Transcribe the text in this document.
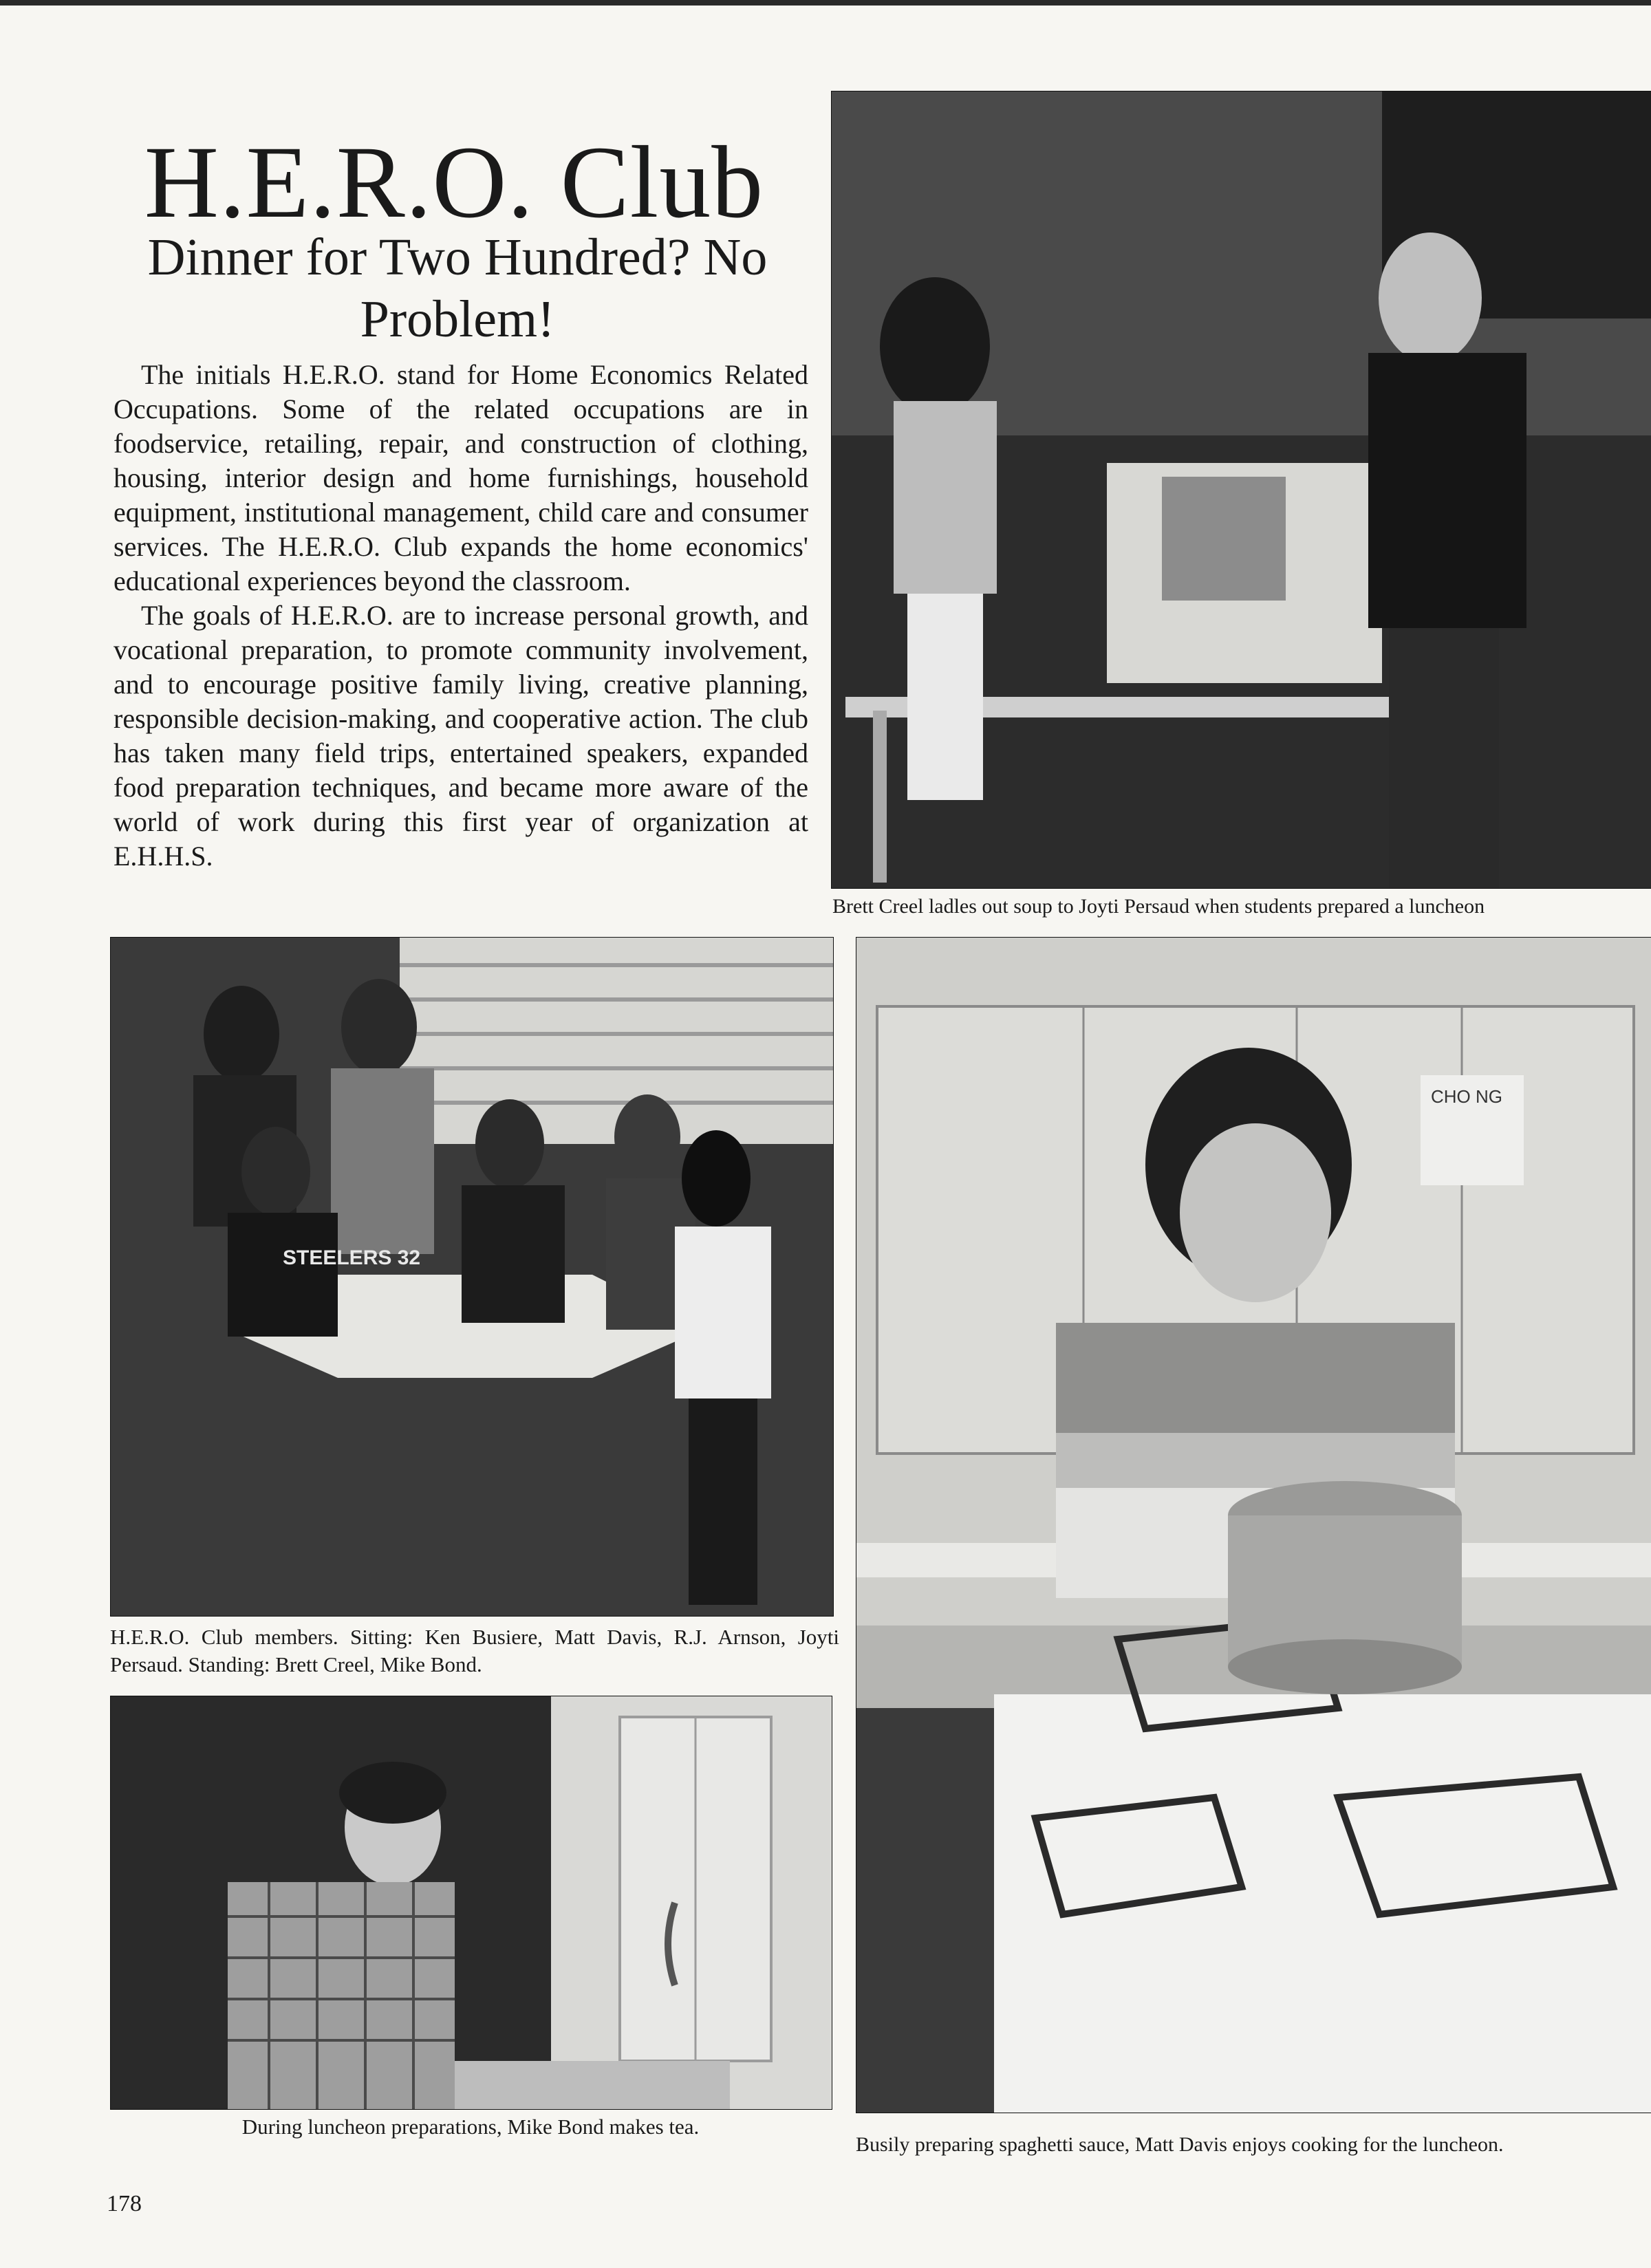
H.E.R.O. Club
Dinner for Two Hundred? No Problem!

The initials H.E.R.O. stand for Home Economics Related Occupations. Some of the related occupations are in foodservice, retailing, repair, and construction of clothing, housing, interior design and home furnishings, household equipment, institutional management, child care and consumer services. The H.E.R.O. Club expands the home economics' educational experiences beyond the classroom.

The goals of H.E.R.O. are to increase personal growth, and vocational preparation, to promote community involvement, and to encourage positive family living, creative planning, responsible decision-making, and cooperative action. The club has taken many field trips, entertained speakers, expanded food preparation techniques, and became more aware of the world of work during this first year of organization at E.H.H.S.

Brett Creel ladles out soup to Joyti Persaud when students prepared a luncheon

STEELERS 32

H.E.R.O. Club members. Sitting: Ken Busiere, Matt Davis, R.J. Arnson, Joyti Persaud. Standing: Brett Creel, Mike Bond.

During luncheon preparations, Mike Bond makes tea.

CHO NG

Busily preparing spaghetti sauce, Matt Davis enjoys cooking for the luncheon.

178
